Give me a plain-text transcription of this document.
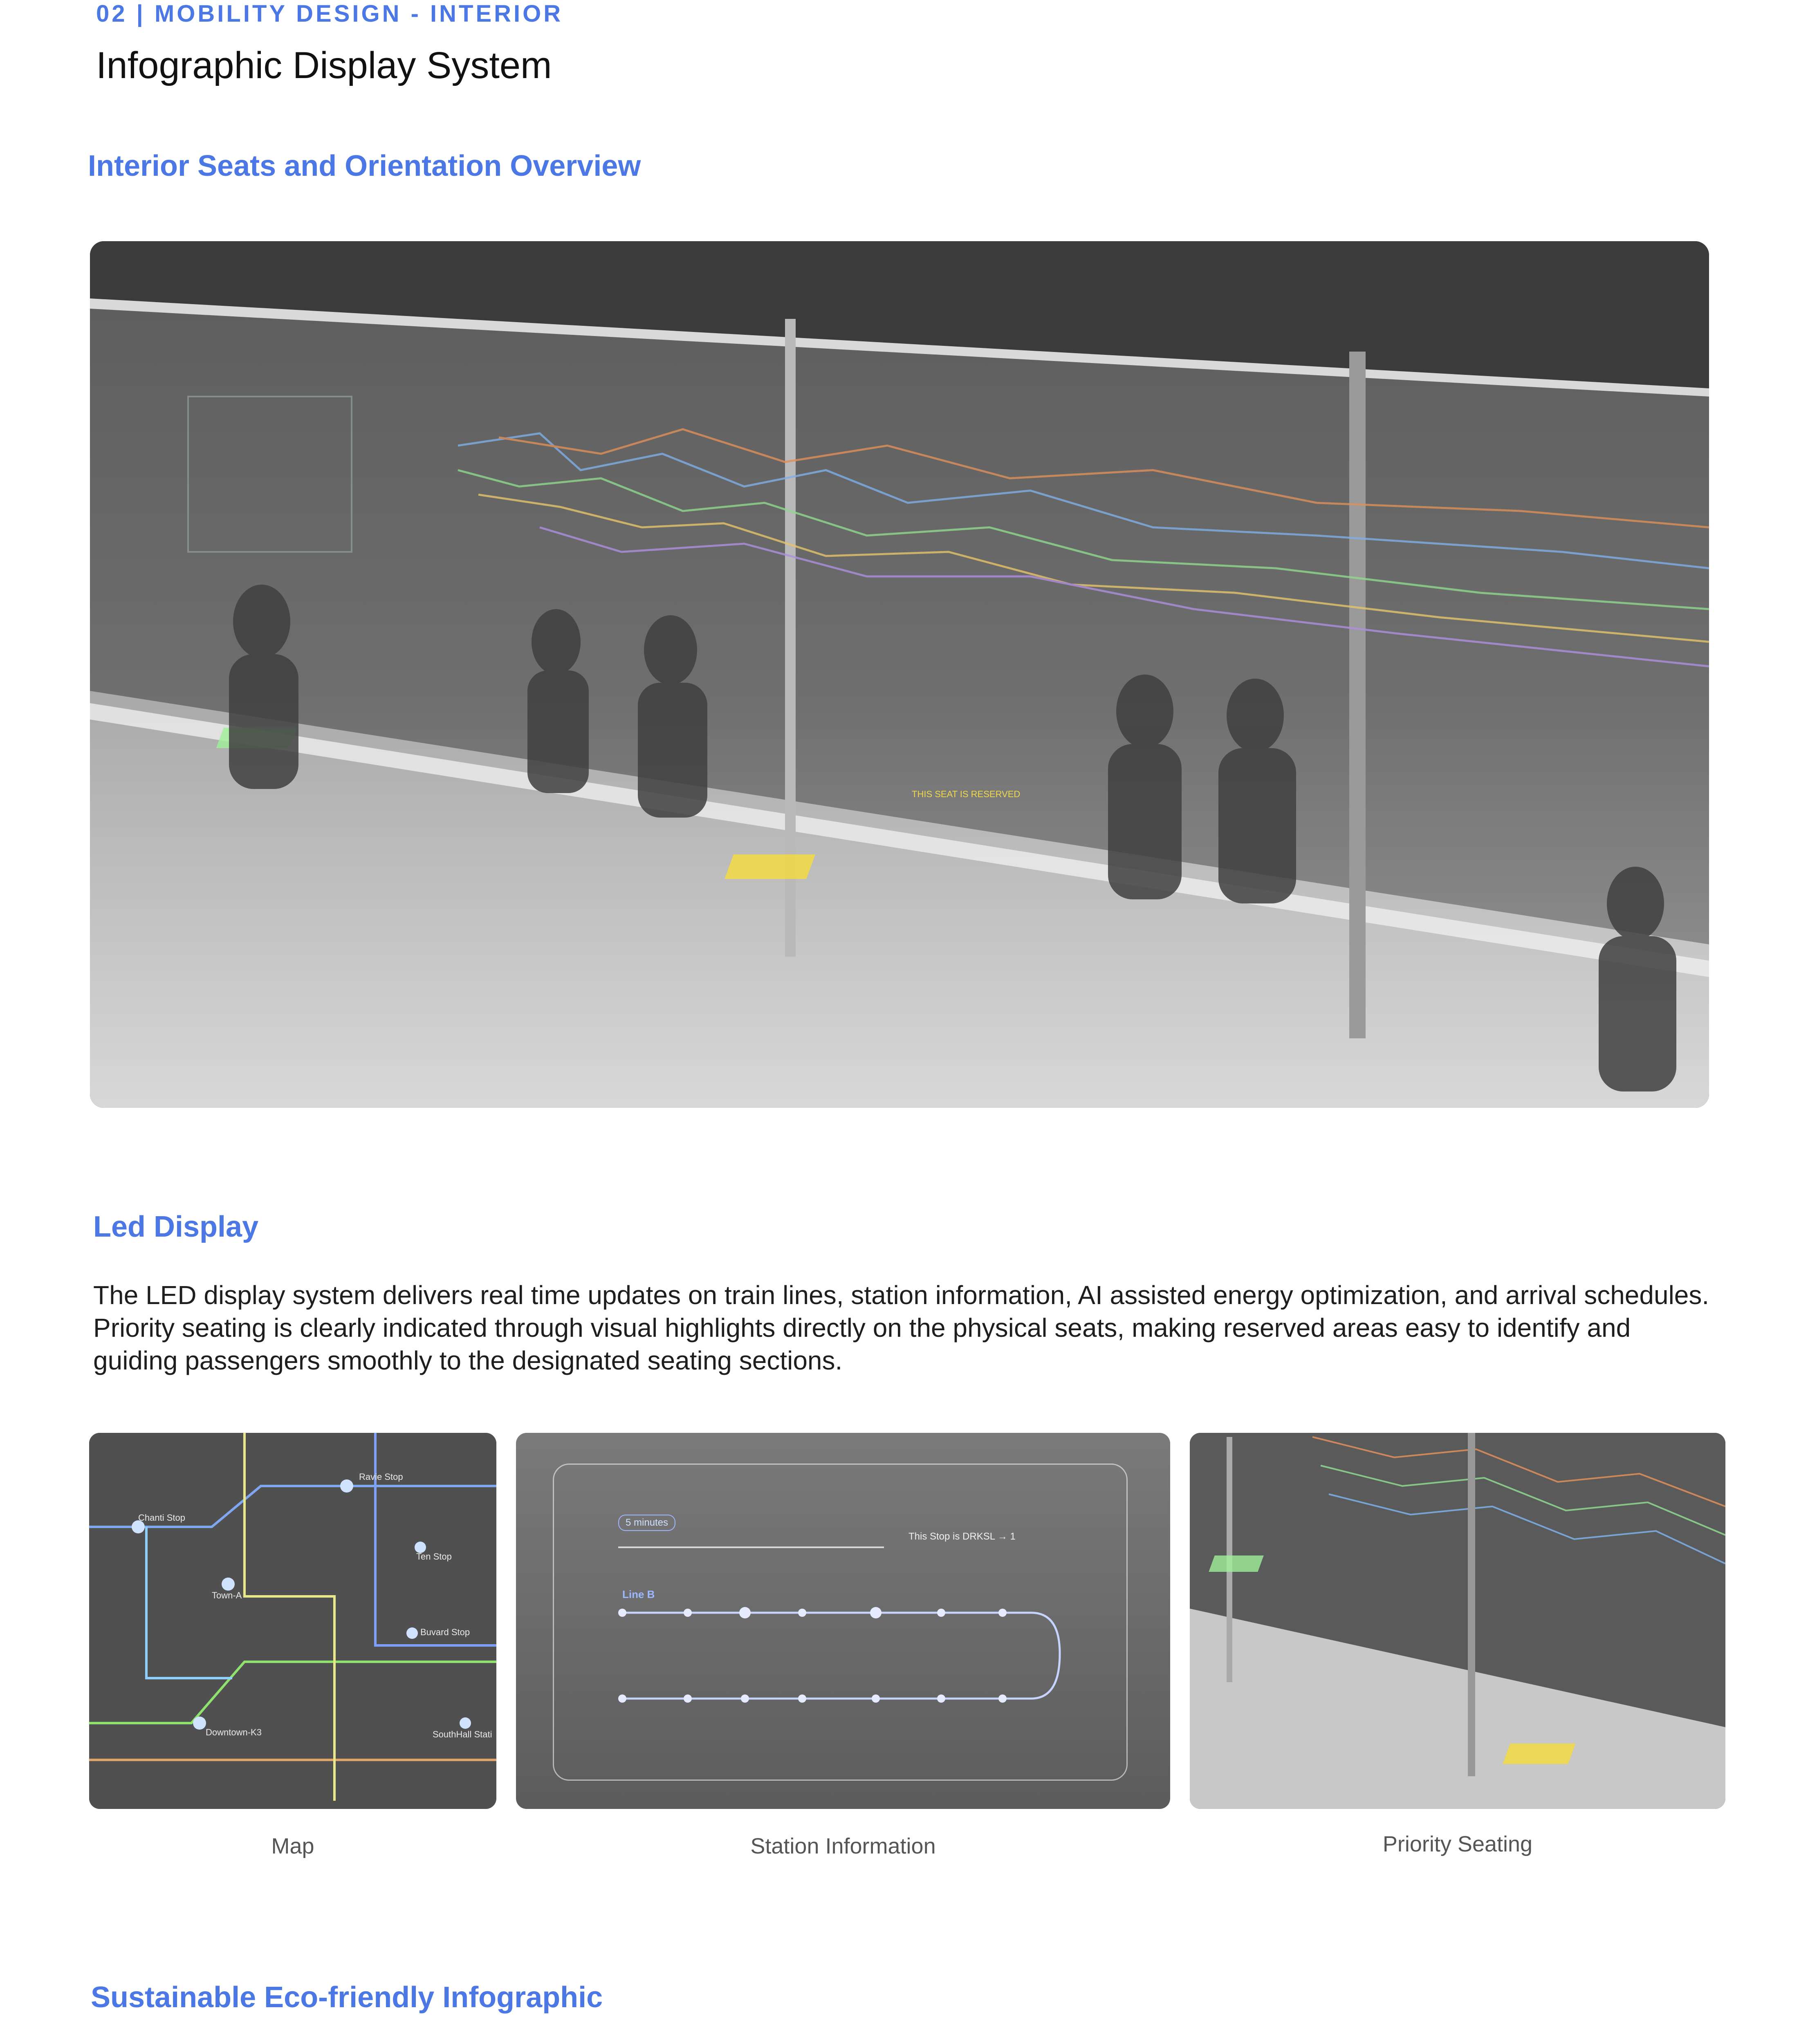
02 | MOBILITY DESIGN - INTERIOR
Infographic Display System
Interior Seats and Orientation Overview
THIS SEAT IS RESERVED
Led Display
The LED display system delivers real time updates on train lines, station information, AI assisted energy optimization, and arrival schedules. Priority seating is clearly indicated through visual highlights directly on the physical seats, making reserved areas easy to identify and guiding passengers smoothly to the designated seating sections.
Ravie Stop
Chanti Stop
Ten Stop
Town-A
Buvard Stop
Downtown-K3	SouthHall Stati
Map
5 minutes
This Stop is DRKSL → 1
Line B
Station Information	Priority Seating
Sustainable Eco-friendly Infographic
